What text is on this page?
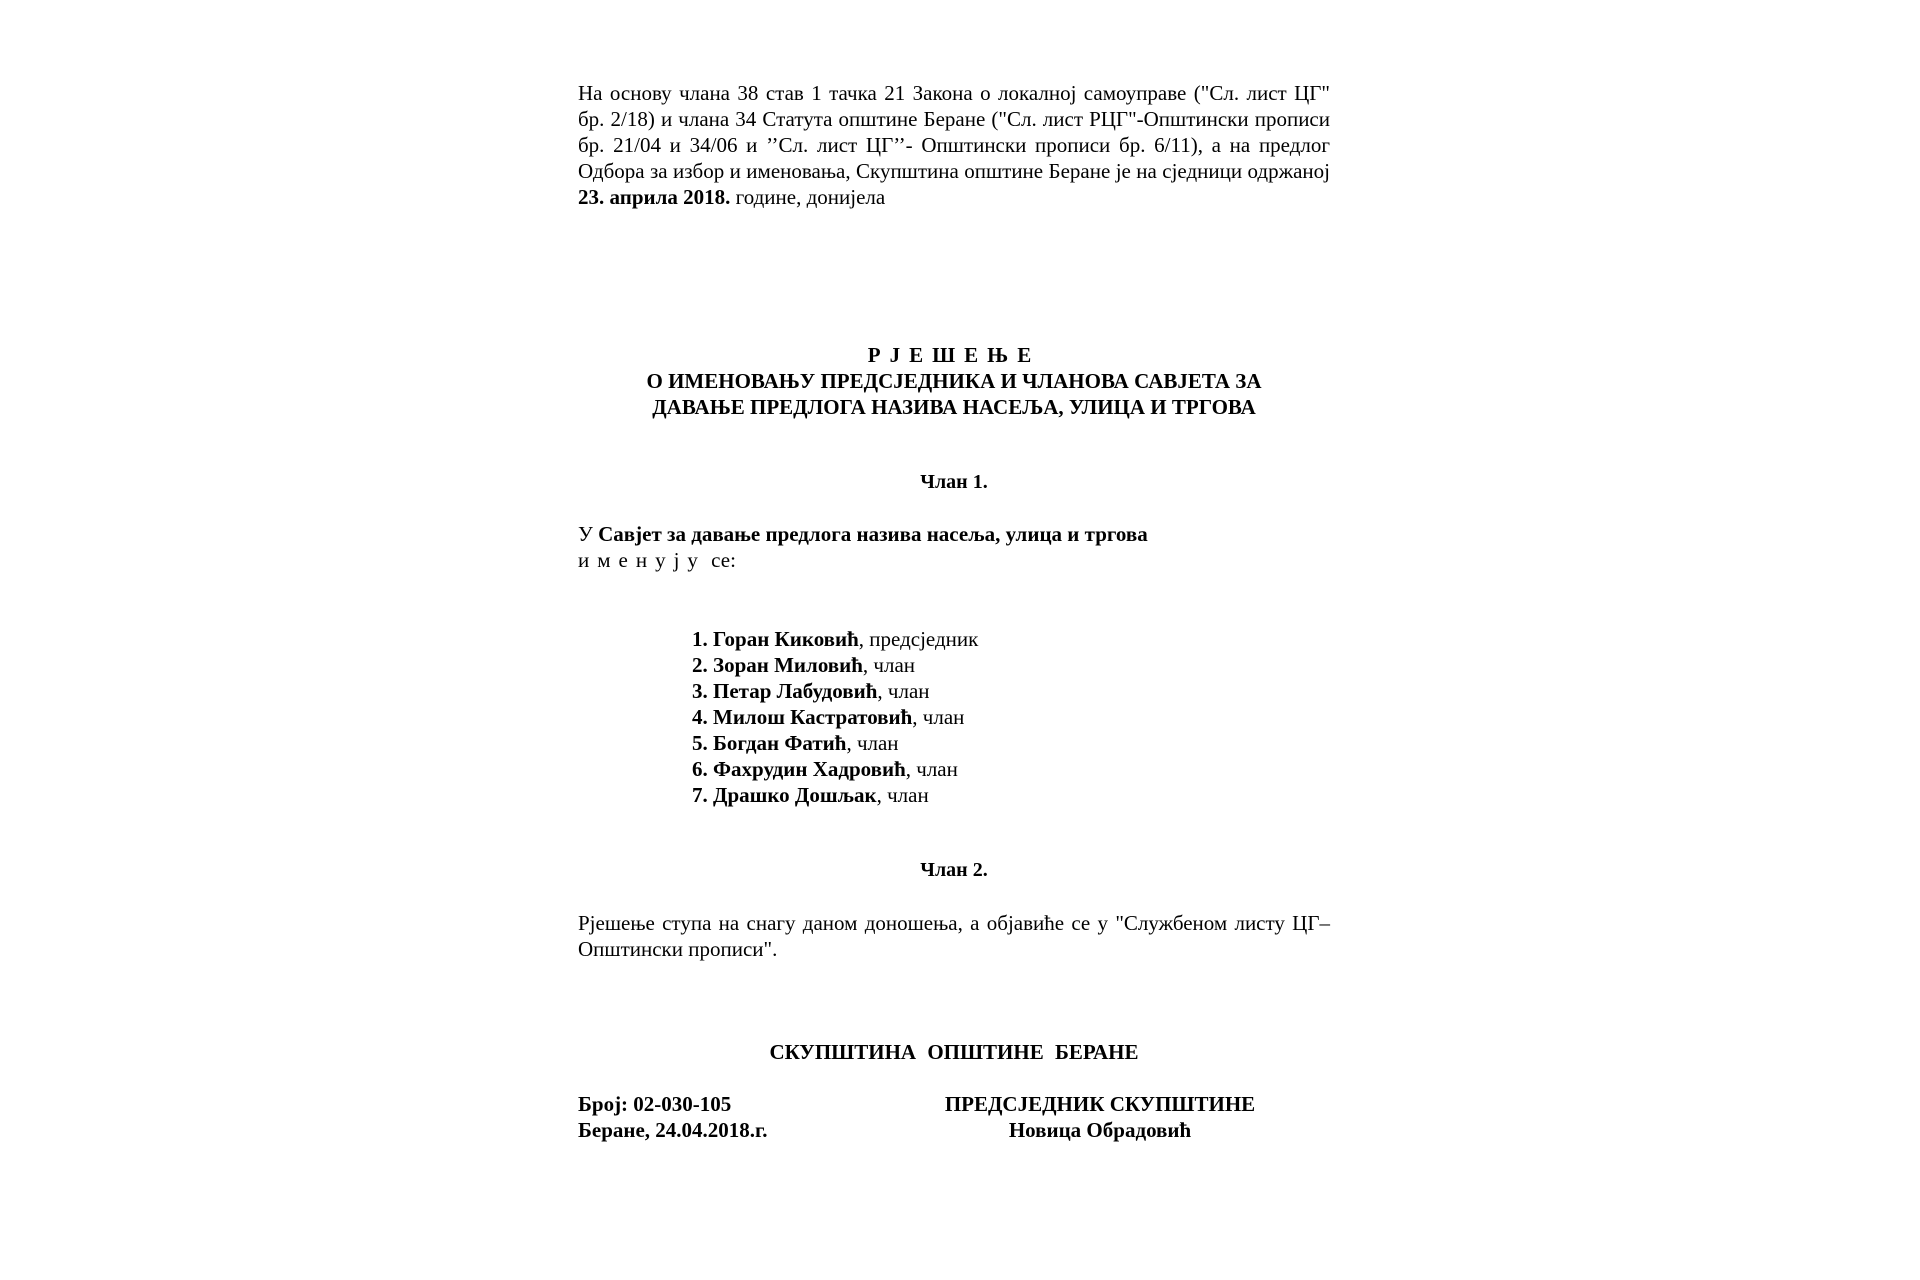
На основу члана 38 став 1 тачка 21 Закона о локалној самоуправе ("Сл. лист ЦГ" бр. 2/18) и члана 34 Статута општине Беране ("Сл. лист РЦГ"-Општински прописи бр. 21/04 и 34/06 и ’’Сл. лист ЦГ’’- Општински прописи бр. 6/11), а на предлог Одбора за избор и именовања, Скупштина општине Беране је на сједници одржаној 23. априла 2018. године, донијела

РЈЕШЕЊЕ
О ИМЕНОВАЊУ ПРЕДСЈЕДНИКА И ЧЛАНОВА САВЈЕТА ЗА
ДАВАЊЕ ПРЕДЛОГА НАЗИВА НАСЕЉА, УЛИЦА И ТРГОВА
Члан 1.
У Савјет за давање предлога назива насеља, улица и тргова
именују се:
1. Горан Киковић, предсједник
2. Зоран Миловић, члан
3. Петар Лабудовић, члан
4. Милош Кастратовић, члан
5. Богдан Фатић, члан
6. Фахрудин Хадровић, члан
7. Драшко Дошљак, члан
Члан 2.
Рјешење ступа на снагу даном доношења, а објавиће се у "Службеном листу ЦГ– Општински прописи".
СКУПШТИНА ОПШТИНЕ БЕРАНЕ
Број: 02-030-105
Беране, 24.04.2018.г.
ПРЕДСЈЕДНИК СКУПШТИНЕ
Новица Обрадовић
